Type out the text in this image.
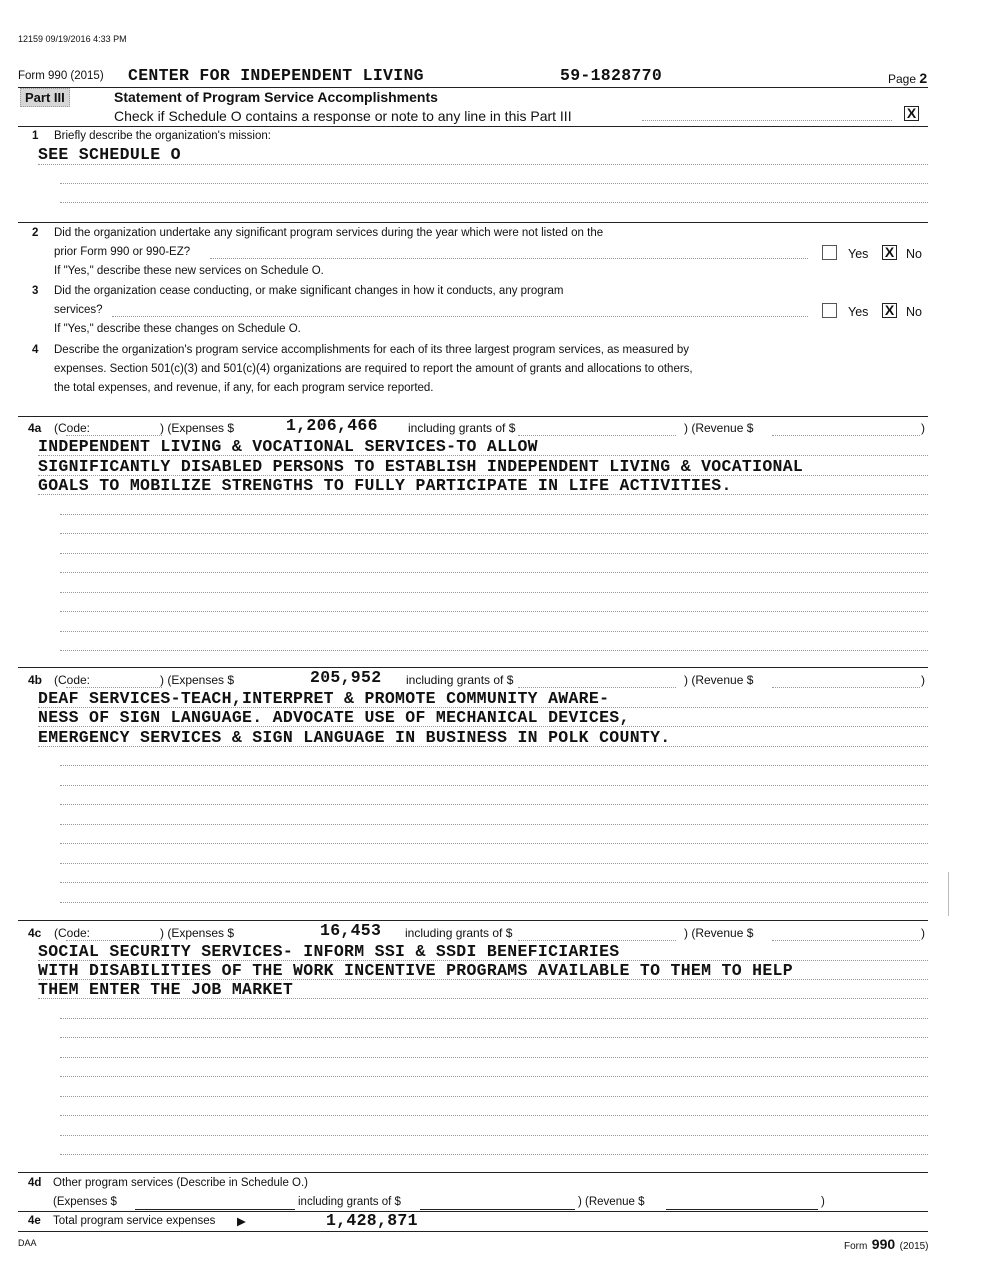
12159 09/19/2016 4:33 PM
Form 990 (2015) CENTER FOR INDEPENDENT LIVING	59-1828770	Page 2
Part III	Statement of Program Service Accomplishments
Check if Schedule O contains a response or note to any line in this Part III	X
1 Briefly describe the organization's mission:
SEE SCHEDULE O
2 Did the organization undertake any significant program services during the year which were not listed on the
prior Form 990 or 990-EZ?	Yes X No
If "Yes," describe these new services on Schedule O.
3 Did the organization cease conducting, or make significant changes in how it conducts, any program
services?	Yes X No
If "Yes," describe these changes on Schedule O.
4 Describe the organization's program service accomplishments for each of its three largest program services, as measured by
expenses. Section 501(c)(3) and 501(c)(4) organizations are required to report the amount of grants and allocations to others,
the total expenses, and revenue, if any, for each program service reported.
4a (Code:	) (Expenses $	1,206,466	including grants of $	) (Revenue $	)
INDEPENDENT LIVING & VOCATIONAL SERVICES-TO ALLOW
SIGNIFICANTLY DISABLED PERSONS TO ESTABLISH INDEPENDENT LIVING & VOCATIONAL
GOALS TO MOBILIZE STRENGTHS TO FULLY PARTICIPATE IN LIFE ACTIVITIES.
4b (Code:	) (Expenses $	205,952 including grants of $	) (Revenue $	)
DEAF SERVICES-TEACH,INTERPRET & PROMOTE COMMUNITY AWARE-
NESS OF SIGN LANGUAGE. ADVOCATE USE OF MECHANICAL DEVICES,
EMERGENCY SERVICES & SIGN LANGUAGE IN BUSINESS IN POLK COUNTY.
4c (Code:	) (Expenses $	16,453 including grants of $	) (Revenue $	)
SOCIAL SECURITY SERVICES- INFORM SSI & SSDI BENEFICIARIES
WITH DISABILITIES OF THE WORK INCENTIVE PROGRAMS AVAILABLE TO THEM TO HELP
THEM ENTER THE JOB MARKET
4d Other program services (Describe in Schedule O.)
(Expenses $	including grants of $	) (Revenue $	)
4e Total program service expenses ▶	1,428,871
DAA	Form 990 (2015)
